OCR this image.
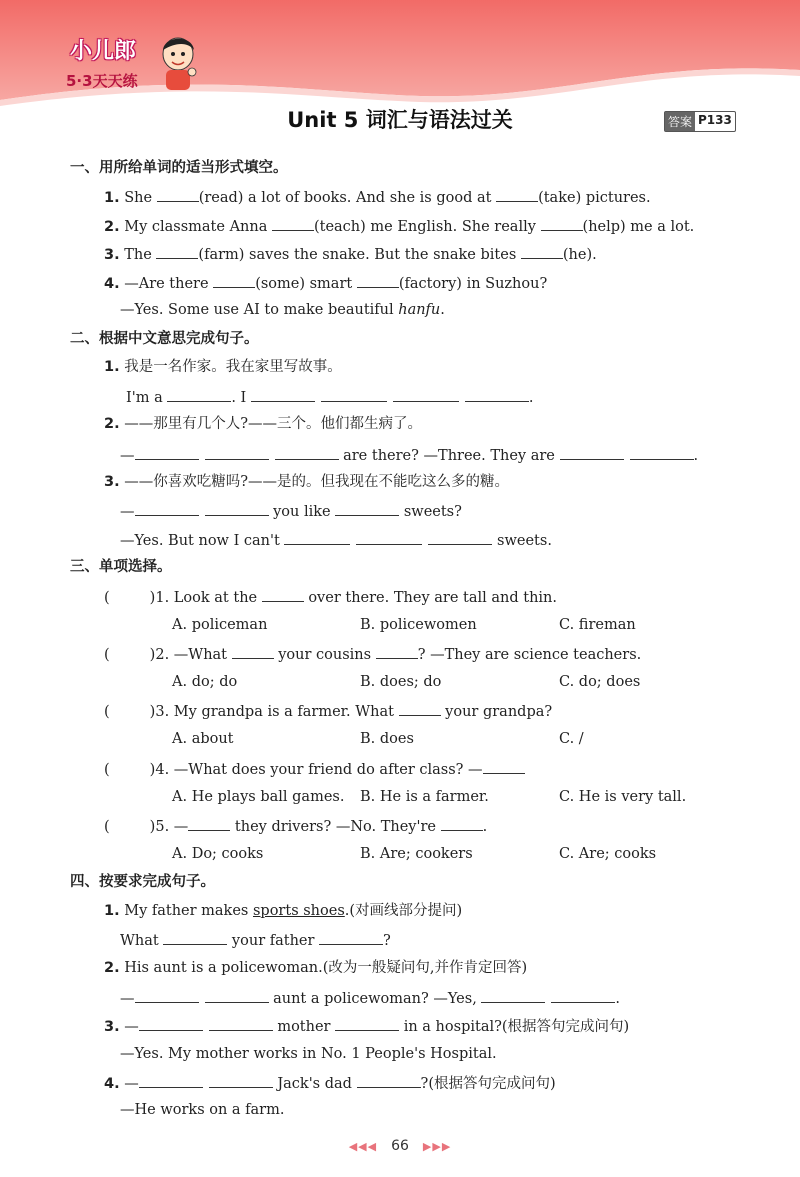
小儿郎
5·3天天练
Unit 5 词汇与语法过关	答案 P133
一、用所给单词的适当形式填空。
1. She	(read) a lot of books. And she is good at	(take) pictures.
2. My classmate Anna	(teach) me English. She really	(help) me a lot.
3. The	(farm) saves the snake. But the snake bites	(he).
4. —Are there	(some) smart	(factory) in Suzhou?
—Yes. Some use AI to make beautiful hanfu.
二、根据中文意思完成句子。
1. 我是一名作家。我在家里写故事。
I'm a	. I	.
2. ——那里有几个人?——三个。他们都生病了。
—	are there? —Three. They are	.
3. ——你喜欢吃糖吗?——是的。但我现在不能吃这么多的糖。
—	you like	sweets?
—Yes. But now I can't	sweets.
三、单项选择。
(	)1. Look at the	over there. They are tall and thin.
A. policeman	B. policewomen	C. fireman
(	)2. —What	your cousins	? —They are science teachers.
A. do; do	B. does; do	C. do; does
(	)3. My grandpa is a farmer. What	your grandpa?
A. about	B. does	C. /
(	)4. —What does your friend do after class? —
A. He plays ball games. B. He is a farmer.	C. He is very tall.
(	)5. —	they drivers? —No. They're	.
A. Do; cooks	B. Are; cookers	C. Are; cooks
四、按要求完成句子。
1. My father makes sports shoes.(对画线部分提问)
What	your father	?
2. His aunt is a policewoman.(改为一般疑问句,并作肯定回答)
—	aunt a policewoman? —Yes,	.
3. —	mother	in a hospital?(根据答句完成问句)
—Yes. My mother works in No. 1 People's Hospital.
4. —	Jack's dad	?(根据答句完成问句)
—He works on a farm.
◀◀◀ 66 ▶▶▶
